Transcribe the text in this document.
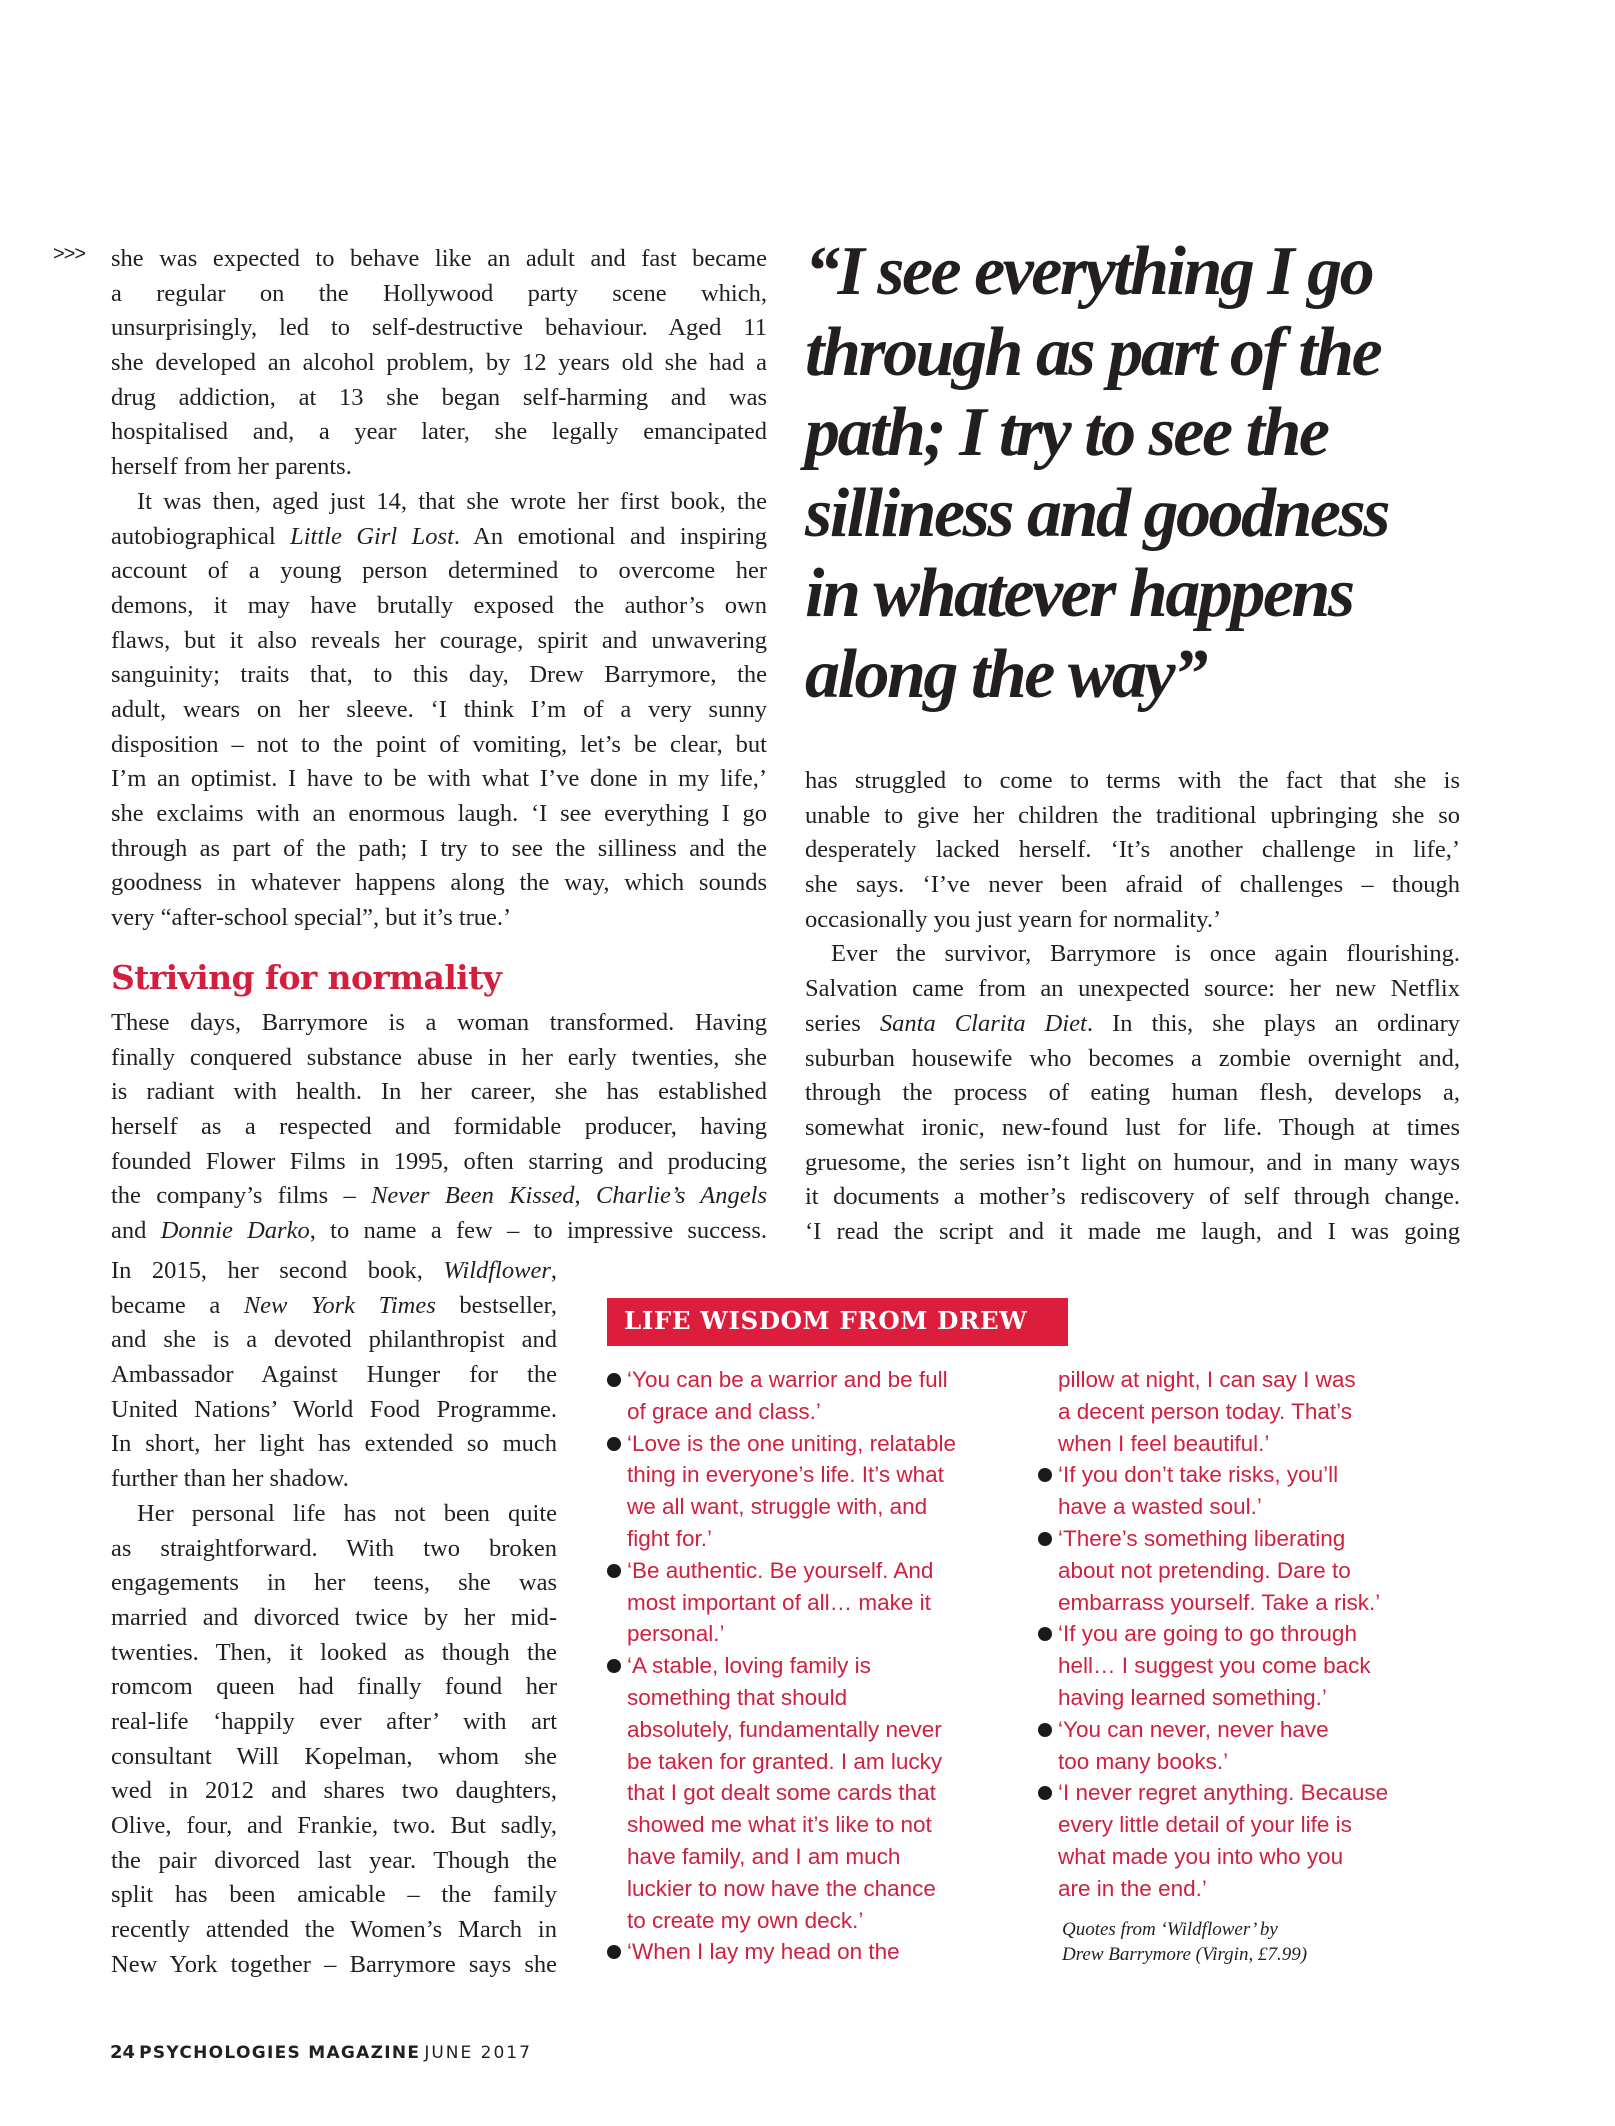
>>> she was expected to behave like an adult and fast became
a regular on the Hollywood party scene which,
unsurprisingly, led to self-destructive behaviour. Aged 11
she developed an alcohol problem, by 12 years old she had a
drug addiction, at 13 she began self-harming and was
hospitalised and, a year later, she legally emancipated
herself from her parents.
It was then, aged just 14, that she wrote her first book, the
autobiographical Little Girl Lost. An emotional and inspiring
account of a young person determined to overcome her
demons, it may have brutally exposed the author’s own
flaws, but it also reveals her courage, spirit and unwavering
sanguinity; traits that, to this day, Drew Barrymore, the
adult, wears on her sleeve. ‘I think I’m of a very sunny
disposition – not to the point of vomiting, let’s be clear, but
I’m an optimist. I have to be with what I’ve done in my life,’
she exclaims with an enormous laugh. ‘I see everything I go
through as part of the path; I try to see the silliness and the
goodness in whatever happens along the way, which sounds
very “after-school special”, but it’s true.’
Striving for normality
These days, Barrymore is a woman transformed. Having
finally conquered substance abuse in her early twenties, she
is radiant with health. In her career, she has established
herself as a respected and formidable producer, having
founded Flower Films in 1995, often starring and producing
the company’s films – Never Been Kissed, Charlie’s Angels
and Donnie Darko, to name a few – to impressive success.
In 2015, her second book, Wildflower,
became a New York Times bestseller,
and she is a devoted philanthropist and
Ambassador Against Hunger for the
United Nations’ World Food Programme.
In short, her light has extended so much
further than her shadow.
Her personal life has not been quite
as straightforward. With two broken
engagements in her teens, she was
married and divorced twice by her mid-
twenties. Then, it looked as though the
romcom queen had finally found her
real-life ‘happily ever after’ with art
consultant Will Kopelman, whom she
wed in 2012 and shares two daughters,
Olive, four, and Frankie, two. But sadly,
the pair divorced last year. Though the
split has been amicable – the family
recently attended the Women’s March in
New York together – Barrymore says she
“I see everything I go
through as part of the
path; I try to see the
silliness and goodness
in whatever happens
along the way”
has struggled to come to terms with the fact that she is
unable to give her children the traditional upbringing she so
desperately lacked herself. ‘It’s another challenge in life,’
she says. ‘I’ve never been afraid of challenges – though
occasionally you just yearn for normality.’
Ever the survivor, Barrymore is once again flourishing.
Salvation came from an unexpected source: her new Netflix
series Santa Clarita Diet. In this, she plays an ordinary
suburban housewife who becomes a zombie overnight and,
through the process of eating human flesh, develops a,
somewhat ironic, new-found lust for life. Though at times
gruesome, the series isn’t light on humour, and in many ways
it documents a mother’s rediscovery of self through change.
‘I read the script and it made me laugh, and I was going
LIFE WISDOM FROM DREW
‘You can be a warrior and be full
of grace and class.’
‘Love is the one uniting, relatable
thing in everyone’s life. It’s what
we all want, struggle with, and
fight for.’
‘Be authentic. Be yourself. And
most important of all… make it
personal.’
‘A stable, loving family is
something that should
absolutely, fundamentally never
be taken for granted. I am lucky
that I got dealt some cards that
showed me what it’s like to not
have family, and I am much
luckier to now have the chance
to create my own deck.’
‘When I lay my head on the
pillow at night, I can say I was
a decent person today. That’s
when I feel beautiful.’
‘If you don’t take risks, you’ll
have a wasted soul.’
‘There’s something liberating
about not pretending. Dare to
embarrass yourself. Take a risk.’
‘If you are going to go through
hell… I suggest you come back
having learned something.’
‘You can never, never have
too many books.’
‘I never regret anything. Because
every little detail of your life is
what made you into who you
are in the end.’
Quotes from ‘Wildflower’ by
Drew Barrymore (Virgin, £7.99)
24 PSYCHOLOGIES MAGAZINE JUNE 2017
